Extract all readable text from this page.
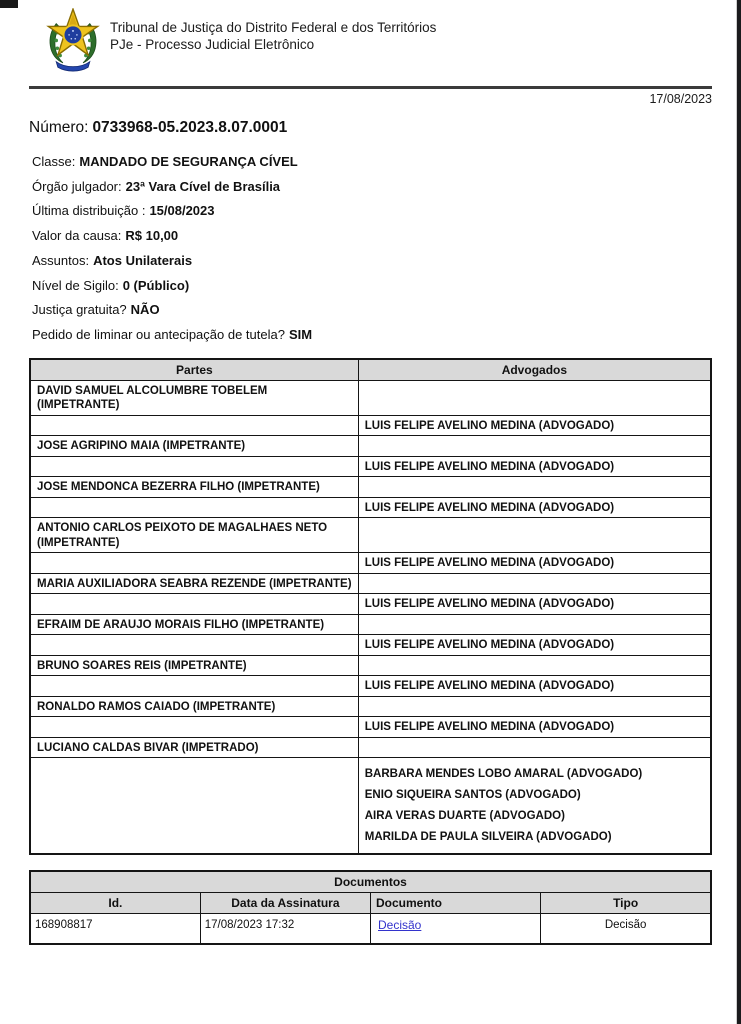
Tribunal de Justiça do Distrito Federal e dos Territórios
PJe - Processo Judicial Eletrônico
17/08/2023
Número: 0733968-05.2023.8.07.0001
Classe: MANDADO DE SEGURANÇA CÍVEL
Órgão julgador: 23ª Vara Cível de Brasília
Última distribuição : 15/08/2023
Valor da causa: R$ 10,00
Assuntos: Atos Unilaterais
Nível de Sigilo: 0 (Público)
Justiça gratuita? NÃO
Pedido de liminar ou antecipação de tutela? SIM
Partes	Advogados
DAVID SAMUEL ALCOLUMBRE TOBELEM (IMPETRANTE)	

	LUIS FELIPE AVELINO MEDINA (ADVOGADO)

JOSE AGRIPINO MAIA (IMPETRANTE)	

	LUIS FELIPE AVELINO MEDINA (ADVOGADO)

JOSE MENDONCA BEZERRA FILHO (IMPETRANTE)	

	LUIS FELIPE AVELINO MEDINA (ADVOGADO)

ANTONIO CARLOS PEIXOTO DE MAGALHAES NETO (IMPETRANTE)	

	LUIS FELIPE AVELINO MEDINA (ADVOGADO)

MARIA AUXILIADORA SEABRA REZENDE (IMPETRANTE)	

	LUIS FELIPE AVELINO MEDINA (ADVOGADO)

EFRAIM DE ARAUJO MORAIS FILHO (IMPETRANTE)	

	LUIS FELIPE AVELINO MEDINA (ADVOGADO)

BRUNO SOARES REIS (IMPETRANTE)	

	LUIS FELIPE AVELINO MEDINA (ADVOGADO)

RONALDO RAMOS CAIADO (IMPETRANTE)	

	LUIS FELIPE AVELINO MEDINA (ADVOGADO)

LUCIANO CALDAS BIVAR (IMPETRADO)	

	BARBARA MENDES LOBO AMARAL (ADVOGADO)
ENIO SIQUEIRA SANTOS (ADVOGADO)
AIRA VERAS DUARTE (ADVOGADO)
MARILDA DE PAULA SILVEIRA (ADVOGADO)
Documentos			
Id.	Data da Assinatura	Documento	Tipo
168908817	17/08/2023 17:32	Decisão	Decisão
